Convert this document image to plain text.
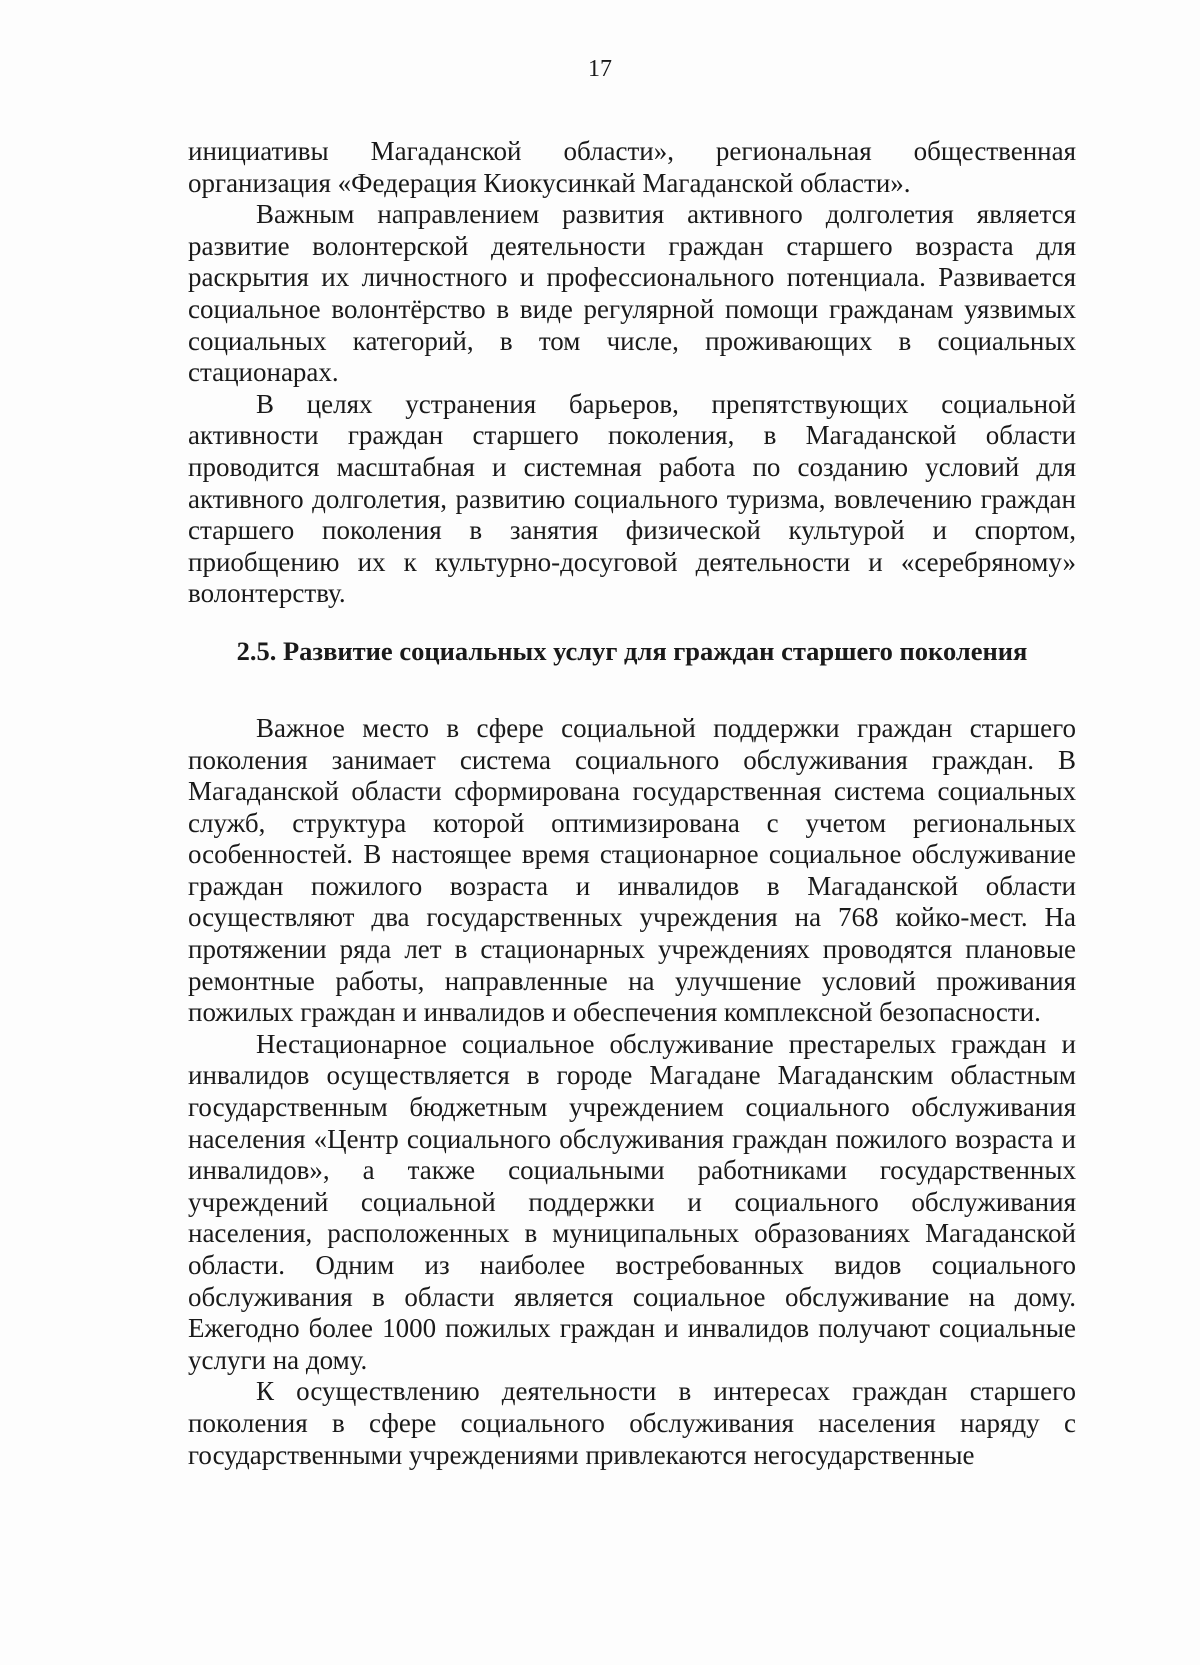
17

инициативы Магаданской области», региональная общественная организация «Федерация Киокусинкай Магаданской области».

Важным направлением развития активного долголетия является развитие волонтерской деятельности граждан старшего возраста для раскрытия их личностного и профессионального потенциала. Развивается социальное волонтёрство в виде регулярной помощи гражданам уязвимых социальных категорий, в том числе, проживающих в социальных стационарах.

В целях устранения барьеров, препятствующих социальной активности граждан старшего поколения, в Магаданской области проводится масштабная и системная работа по созданию условий для активного долголетия, развитию социального туризма, вовлечению граждан старшего поколения в занятия физической культурой и спортом, приобщению их к культурно-досуговой деятельности и «серебряному» волонтерству.

2.5. Развитие социальных услуг для граждан старшего поколения

Важное место в сфере социальной поддержки граждан старшего поколения занимает система социального обслуживания граждан. В Магаданской области сформирована государственная система социальных служб, структура которой оптимизирована с учетом региональных особенностей. В настоящее время стационарное социальное обслуживание граждан пожилого возраста и инвалидов в Магаданской области осуществляют два государственных учреждения на 768 койко-мест. На протяжении ряда лет в стационарных учреждениях проводятся плановые ремонтные работы, направленные на улучшение условий проживания пожилых граждан и инвалидов и обеспечения комплексной безопасности.

Нестационарное социальное обслуживание престарелых граждан и инвалидов осуществляется в городе Магадане Магаданским областным государственным бюджетным учреждением социального обслуживания населения «Центр социального обслуживания граждан пожилого возраста и инвалидов», а также социальными работниками государственных учреждений социальной поддержки и социального обслуживания населения, расположенных в муниципальных образованиях Магаданской области. Одним из наиболее востребованных видов социального обслуживания в области является социальное обслуживание на дому. Ежегодно более 1000 пожилых граждан и инвалидов получают социальные услуги на дому.

К осуществлению деятельности в интересах граждан старшего поколения в сфере социального обслуживания населения наряду с государственными учреждениями привлекаются негосударственные
